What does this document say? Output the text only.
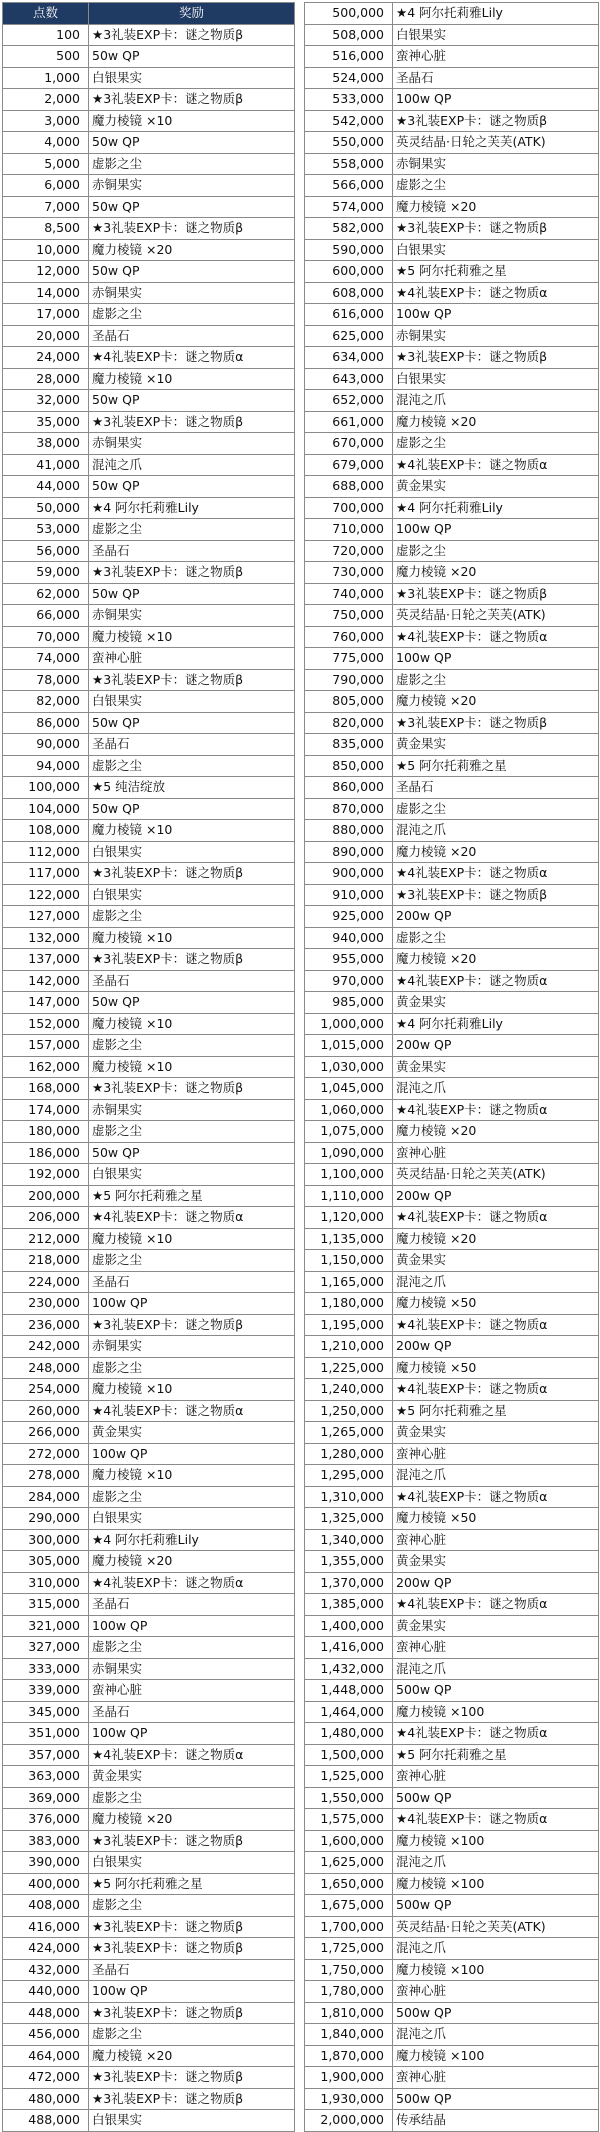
点数	奖励
100	★3礼装EXP卡：谜之物质β
500	50w QP
1,000	白银果实
2,000	★3礼装EXP卡：谜之物质β
3,000	魔力棱镜 ×10
4,000	50w QP
5,000	虚影之尘
6,000	赤铜果实
7,000	50w QP
8,500	★3礼装EXP卡：谜之物质β
10,000	魔力棱镜 ×20
12,000	50w QP
14,000	赤铜果实
17,000	虚影之尘
20,000	圣晶石
24,000	★4礼装EXP卡：谜之物质α
28,000	魔力棱镜 ×10
32,000	50w QP
35,000	★3礼装EXP卡：谜之物质β
38,000	赤铜果实
41,000	混沌之爪
44,000	50w QP
50,000	★4 阿尔托莉雅Lily
53,000	虚影之尘
56,000	圣晶石
59,000	★3礼装EXP卡：谜之物质β
62,000	50w QP
66,000	赤铜果实
70,000	魔力棱镜 ×10
74,000	蛮神心脏
78,000	★3礼装EXP卡：谜之物质β
82,000	白银果实
86,000	50w QP
90,000	圣晶石
94,000	虚影之尘
100,000	★5 纯洁绽放
104,000	50w QP
108,000	魔力棱镜 ×10
112,000	白银果实
117,000	★3礼装EXP卡：谜之物质β
122,000	白银果实
127,000	虚影之尘
132,000	魔力棱镜 ×10
137,000	★3礼装EXP卡：谜之物质β
142,000	圣晶石
147,000	50w QP
152,000	魔力棱镜 ×10
157,000	虚影之尘
162,000	魔力棱镜 ×10
168,000	★3礼装EXP卡：谜之物质β
174,000	赤铜果实
180,000	虚影之尘
186,000	50w QP
192,000	白银果实
200,000	★5 阿尔托莉雅之星
206,000	★4礼装EXP卡：谜之物质α
212,000	魔力棱镜 ×10
218,000	虚影之尘
224,000	圣晶石
230,000	100w QP
236,000	★3礼装EXP卡：谜之物质β
242,000	赤铜果实
248,000	虚影之尘
254,000	魔力棱镜 ×10
260,000	★4礼装EXP卡：谜之物质α
266,000	黄金果实
272,000	100w QP
278,000	魔力棱镜 ×10
284,000	虚影之尘
290,000	白银果实
300,000	★4 阿尔托莉雅Lily
305,000	魔力棱镜 ×20
310,000	★4礼装EXP卡：谜之物质α
315,000	圣晶石
321,000	100w QP
327,000	虚影之尘
333,000	赤铜果实
339,000	蛮神心脏
345,000	圣晶石
351,000	100w QP
357,000	★4礼装EXP卡：谜之物质α
363,000	黄金果实
369,000	虚影之尘
376,000	魔力棱镜 ×20
383,000	★3礼装EXP卡：谜之物质β
390,000	白银果实
400,000	★5 阿尔托莉雅之星
408,000	虚影之尘
416,000	★3礼装EXP卡：谜之物质β
424,000	★3礼装EXP卡：谜之物质β
432,000	圣晶石
440,000	100w QP
448,000	★3礼装EXP卡：谜之物质β
456,000	虚影之尘
464,000	魔力棱镜 ×20
472,000	★3礼装EXP卡：谜之物质β
480,000	★3礼装EXP卡：谜之物质β
488,000	白银果实
500,000	★4 阿尔托莉雅Lily
508,000	白银果实
516,000	蛮神心脏
524,000	圣晶石
533,000	100w QP
542,000	★3礼装EXP卡：谜之物质β
550,000	英灵结晶·日轮之芙芙(ATK)
558,000	赤铜果实
566,000	虚影之尘
574,000	魔力棱镜 ×20
582,000	★3礼装EXP卡：谜之物质β
590,000	白银果实
600,000	★5 阿尔托莉雅之星
608,000	★4礼装EXP卡：谜之物质α
616,000	100w QP
625,000	赤铜果实
634,000	★3礼装EXP卡：谜之物质β
643,000	白银果实
652,000	混沌之爪
661,000	魔力棱镜 ×20
670,000	虚影之尘
679,000	★4礼装EXP卡：谜之物质α
688,000	黄金果实
700,000	★4 阿尔托莉雅Lily
710,000	100w QP
720,000	虚影之尘
730,000	魔力棱镜 ×20
740,000	★3礼装EXP卡：谜之物质β
750,000	英灵结晶·日轮之芙芙(ATK)
760,000	★4礼装EXP卡：谜之物质α
775,000	100w QP
790,000	虚影之尘
805,000	魔力棱镜 ×20
820,000	★3礼装EXP卡：谜之物质β
835,000	黄金果实
850,000	★5 阿尔托莉雅之星
860,000	圣晶石
870,000	虚影之尘
880,000	混沌之爪
890,000	魔力棱镜 ×20
900,000	★4礼装EXP卡：谜之物质α
910,000	★3礼装EXP卡：谜之物质β
925,000	200w QP
940,000	虚影之尘
955,000	魔力棱镜 ×20
970,000	★4礼装EXP卡：谜之物质α
985,000	黄金果实
1,000,000	★4 阿尔托莉雅Lily
1,015,000	200w QP
1,030,000	黄金果实
1,045,000	混沌之爪
1,060,000	★4礼装EXP卡：谜之物质α
1,075,000	魔力棱镜 ×20
1,090,000	蛮神心脏
1,100,000	英灵结晶·日轮之芙芙(ATK)
1,110,000	200w QP
1,120,000	★4礼装EXP卡：谜之物质α
1,135,000	魔力棱镜 ×20
1,150,000	黄金果实
1,165,000	混沌之爪
1,180,000	魔力棱镜 ×50
1,195,000	★4礼装EXP卡：谜之物质α
1,210,000	200w QP
1,225,000	魔力棱镜 ×50
1,240,000	★4礼装EXP卡：谜之物质α
1,250,000	★5 阿尔托莉雅之星
1,265,000	黄金果实
1,280,000	蛮神心脏
1,295,000	混沌之爪
1,310,000	★4礼装EXP卡：谜之物质α
1,325,000	魔力棱镜 ×50
1,340,000	蛮神心脏
1,355,000	黄金果实
1,370,000	200w QP
1,385,000	★4礼装EXP卡：谜之物质α
1,400,000	黄金果实
1,416,000	蛮神心脏
1,432,000	混沌之爪
1,448,000	500w QP
1,464,000	魔力棱镜 ×100
1,480,000	★4礼装EXP卡：谜之物质α
1,500,000	★5 阿尔托莉雅之星
1,525,000	蛮神心脏
1,550,000	500w QP
1,575,000	★4礼装EXP卡：谜之物质α
1,600,000	魔力棱镜 ×100
1,625,000	混沌之爪
1,650,000	魔力棱镜 ×100
1,675,000	500w QP
1,700,000	英灵结晶·日轮之芙芙(ATK)
1,725,000	混沌之爪
1,750,000	魔力棱镜 ×100
1,780,000	蛮神心脏
1,810,000	500w QP
1,840,000	混沌之爪
1,870,000	魔力棱镜 ×100
1,900,000	蛮神心脏
1,930,000	500w QP
2,000,000	传承结晶
